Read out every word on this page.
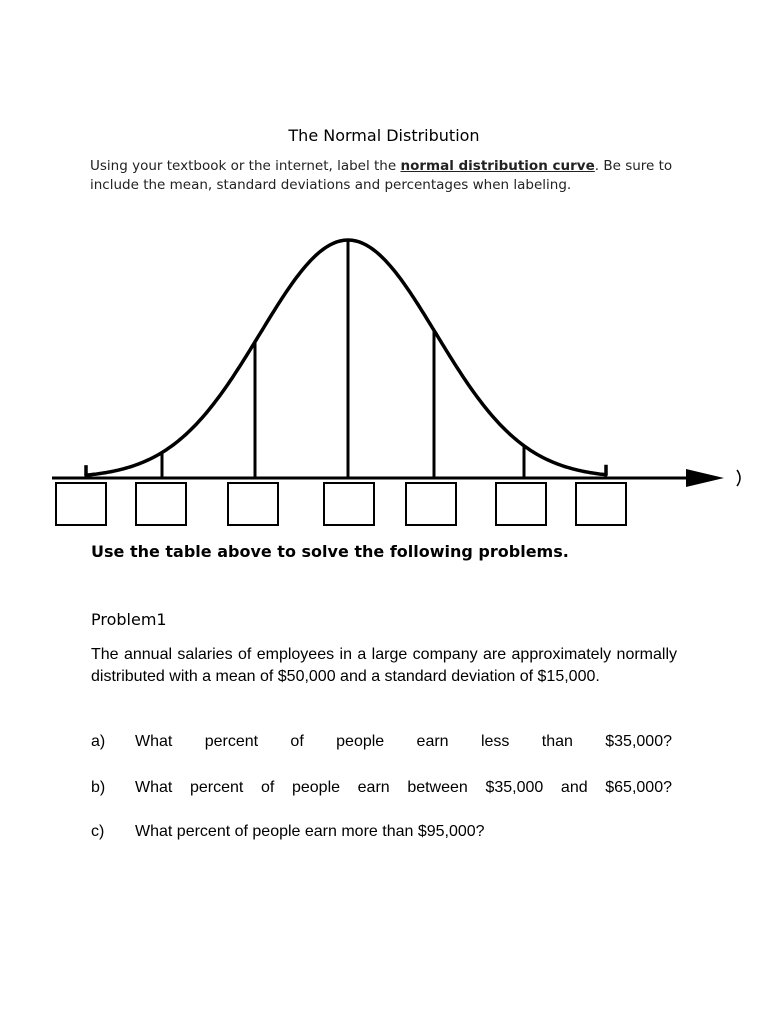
The Normal Distribution
Using your textbook or the internet, label the normal distribution curve. Be sure to include the mean, standard deviations and percentages when labeling.
Use the table above to solve the following problems.
Problem1
The annual salaries of employees in a large company are approximately normally distributed with a mean of $50,000 and a standard deviation of $15,000.
a)	What percent of people earn less than $35,000?
b)	What percent of people earn between $35,000 and $65,000?
c)	What percent of people earn more than $95,000?
